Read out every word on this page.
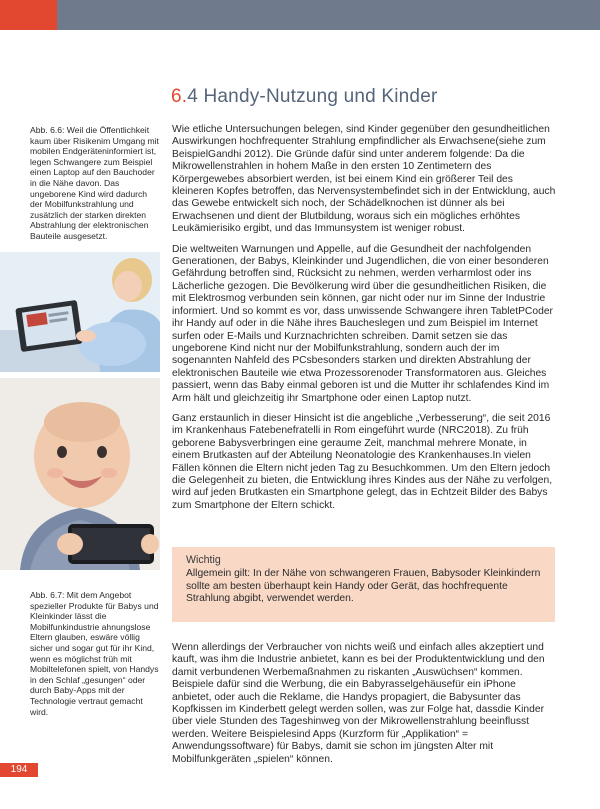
6.4 Handy-Nutzung und Kinder

Abb. 6.6: Weil die Öffentlichkeit kaum über Risikenim Umgang mit mobilen Endgeräteninformiert ist, legen Schwangere zum Beispiel einen Laptop auf den Bauchoder in die Nähe davon. Das ungeborene Kind wird dadurch der Mobilfunkstrahlung und zusätzlich der starken direkten Abstrahlung der elektronischen Bauteile ausgesetzt.

Abb. 6.7: Mit dem Angebot spezieller Produkte für Babys und Kleinkinder lässt die Mobilfunkindustrie ahnungslose Eltern glauben, eswäre völlig sicher und sogar gut für ihr Kind, wenn es möglichst früh mit Mobiltelefonen spielt, von Handys in den Schlaf „gesungen“ oder durch Baby-Apps mit der Technologie vertraut gemacht wird.

Wie etliche Untersuchungen belegen, sind Kinder gegenüber den gesundheitlichen Auswirkungen hochfrequenter Strahlung empfindlicher als Erwachsene(siehe zum BeispielGandhi 2012). Die Gründe dafür sind unter anderem folgende: Da die Mikrowellenstrahlen in hohem Maße in den ersten 10 Zentimetern des Körpergewebes absorbiert werden, ist bei einem Kind ein größerer Teil des kleineren Kopfes betroffen, das Nervensystembefindet sich in der Entwicklung, auch das Gewebe entwickelt sich noch, der Schädelknochen ist dünner als bei Erwachsenen und dient der Blutbildung, woraus sich ein mögliches erhöhtes Leukämierisiko ergibt, und das Immunsystem ist weniger robust.

Die weltweiten Warnungen und Appelle, auf die Gesundheit der nachfolgenden Generationen, der Babys, Kleinkinder und Jugendlichen, die von einer besonderen Gefährdung betroffen sind, Rücksicht zu nehmen, werden verharmlost oder ins Lächerliche gezogen. Die Bevölkerung wird über die gesundheitlichen Risiken, die mit Elektrosmog verbunden sein können, gar nicht oder nur im Sinne der Industrie informiert. Und so kommt es vor, dass unwissende Schwangere ihren TabletPCoder ihr Handy auf oder in die Nähe ihres Baucheslegen und zum Beispiel im Internet surfen oder E-Mails und Kurznachrichten schreiben. Damit setzen sie das ungeborene Kind nicht nur der Mobilfunkstrahlung, sondern auch der im sogenannten Nahfeld des PCsbesonders starken und direkten Abstrahlung der elektronischen Bauteile wie etwa Prozessorenoder Transformatoren aus. Gleiches passiert, wenn das Baby einmal geboren ist und die Mutter ihr schlafendes Kind im Arm hält und gleichzeitig ihr Smartphone oder einen Laptop nutzt.

Ganz erstaunlich in dieser Hinsicht ist die angebliche „Verbesserung“, die seit 2016 im Krankenhaus Fatebenefratelli in Rom eingeführt wurde (NRC2018). Zu früh geborene Babysverbringen eine geraume Zeit, manchmal mehrere Monate, in einem Brutkasten auf der Abteilung Neonatologie des Krankenhauses.In vielen Fällen können die Eltern nicht jeden Tag zu Besuchkommen. Um den Eltern jedoch die Gelegenheit zu bieten, die Entwicklung ihres Kindes aus der Nähe zu verfolgen, wird auf jeden Brutkasten ein Smartphone gelegt, das in Echtzeit Bilder des Babys zum Smartphone der Eltern schickt.

Wichtig
Allgemein gilt: In der Nähe von schwangeren Frauen, Babysoder Kleinkindern sollte am besten überhaupt kein Handy oder Gerät, das hochfrequente Strahlung abgibt, verwendet werden.

Wenn allerdings der Verbraucher von nichts weiß und einfach alles akzeptiert und kauft, was ihm die Industrie anbietet, kann es bei der Produktentwicklung und den damit verbundenen Werbemaßnahmen zu riskanten „Auswüchsen“ kommen. Beispiele dafür sind die Werbung, die ein Babyrasselgehäusefür ein iPhone anbietet, oder auch die Reklame, die Handys propagiert, die Babysunter das Kopfkissen im Kinderbett gelegt werden sollen, was zur Folge hat, dassdie Kinder über viele Stunden des Tageshinweg von der Mikrowellenstrahlung beeinflusst werden. Weitere Beispielesind Apps (Kurzform für „Applikation“ = Anwendungssoftware) für Babys, damit sie schon im jüngsten Alter mit Mobilfunkgeräten „spielen“ können.

194
